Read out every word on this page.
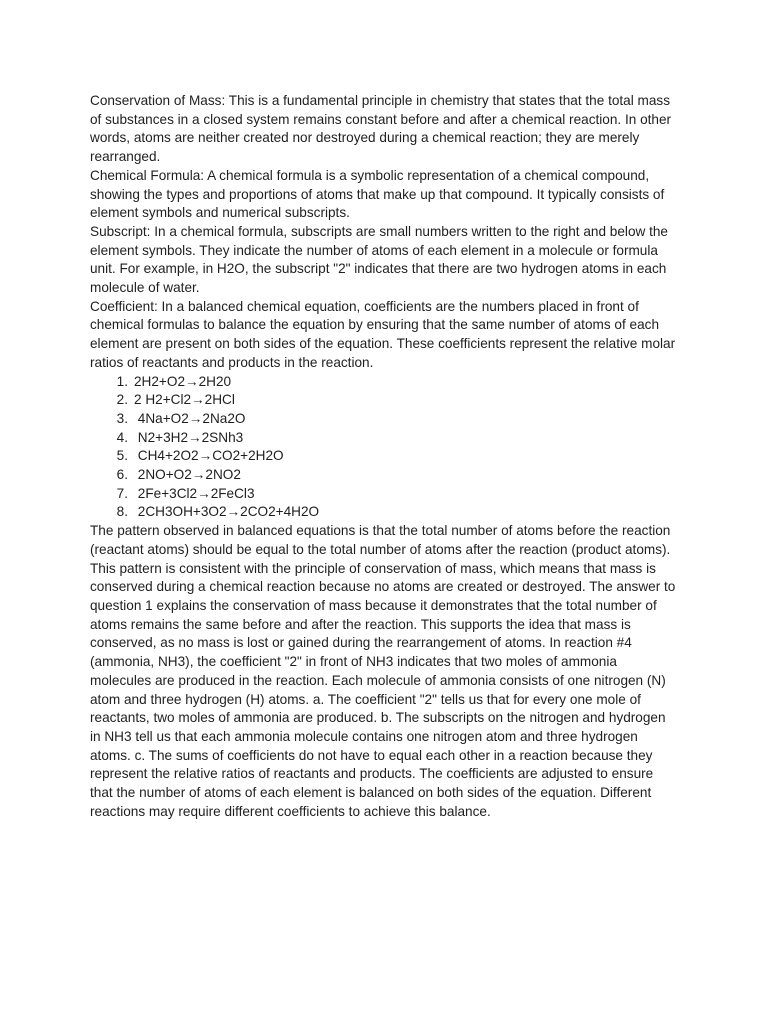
Conservation of Mass: This is a fundamental principle in chemistry that states that the total mass of substances in a closed system remains constant before and after a chemical reaction. In other words, atoms are neither created nor destroyed during a chemical reaction; they are merely rearranged.

Chemical Formula: A chemical formula is a symbolic representation of a chemical compound, showing the types and proportions of atoms that make up that compound. It typically consists of element symbols and numerical subscripts.

Subscript: In a chemical formula, subscripts are small numbers written to the right and below the element symbols. They indicate the number of atoms of each element in a molecule or formula unit. For example, in H2O, the subscript "2" indicates that there are two hydrogen atoms in each molecule of water.

Coefficient: In a balanced chemical equation, coefficients are the numbers placed in front of chemical formulas to balance the equation by ensuring that the same number of atoms of each element are present on both sides of the equation. These coefficients represent the relative molar ratios of reactants and products in the reaction.

1. 2H2+O2→2H20
2. 2 H2+Cl2→2HCl
3. 4Na+O2→2Na2O
4. N2+3H2→2SNh3
5. CH4+2O2→CO2+2H2O
6. 2NO+O2→2NO2
7. 2Fe+3Cl2→2FeCl3
8. 2CH3OH+3O2→2CO2+4H2O

The pattern observed in balanced equations is that the total number of atoms before the reaction (reactant atoms) should be equal to the total number of atoms after the reaction (product atoms). This pattern is consistent with the principle of conservation of mass, which means that mass is conserved during a chemical reaction because no atoms are created or destroyed. The answer to question 1 explains the conservation of mass because it demonstrates that the total number of atoms remains the same before and after the reaction. This supports the idea that mass is conserved, as no mass is lost or gained during the rearrangement of atoms. In reaction #4 (ammonia, NH3), the coefficient "2" in front of NH3 indicates that two moles of ammonia molecules are produced in the reaction. Each molecule of ammonia consists of one nitrogen (N) atom and three hydrogen (H) atoms. a. The coefficient "2" tells us that for every one mole of reactants, two moles of ammonia are produced. b. The subscripts on the nitrogen and hydrogen in NH3 tell us that each ammonia molecule contains one nitrogen atom and three hydrogen atoms. c. The sums of coefficients do not have to equal each other in a reaction because they represent the relative ratios of reactants and products. The coefficients are adjusted to ensure that the number of atoms of each element is balanced on both sides of the equation. Different reactions may require different coefficients to achieve this balance.
